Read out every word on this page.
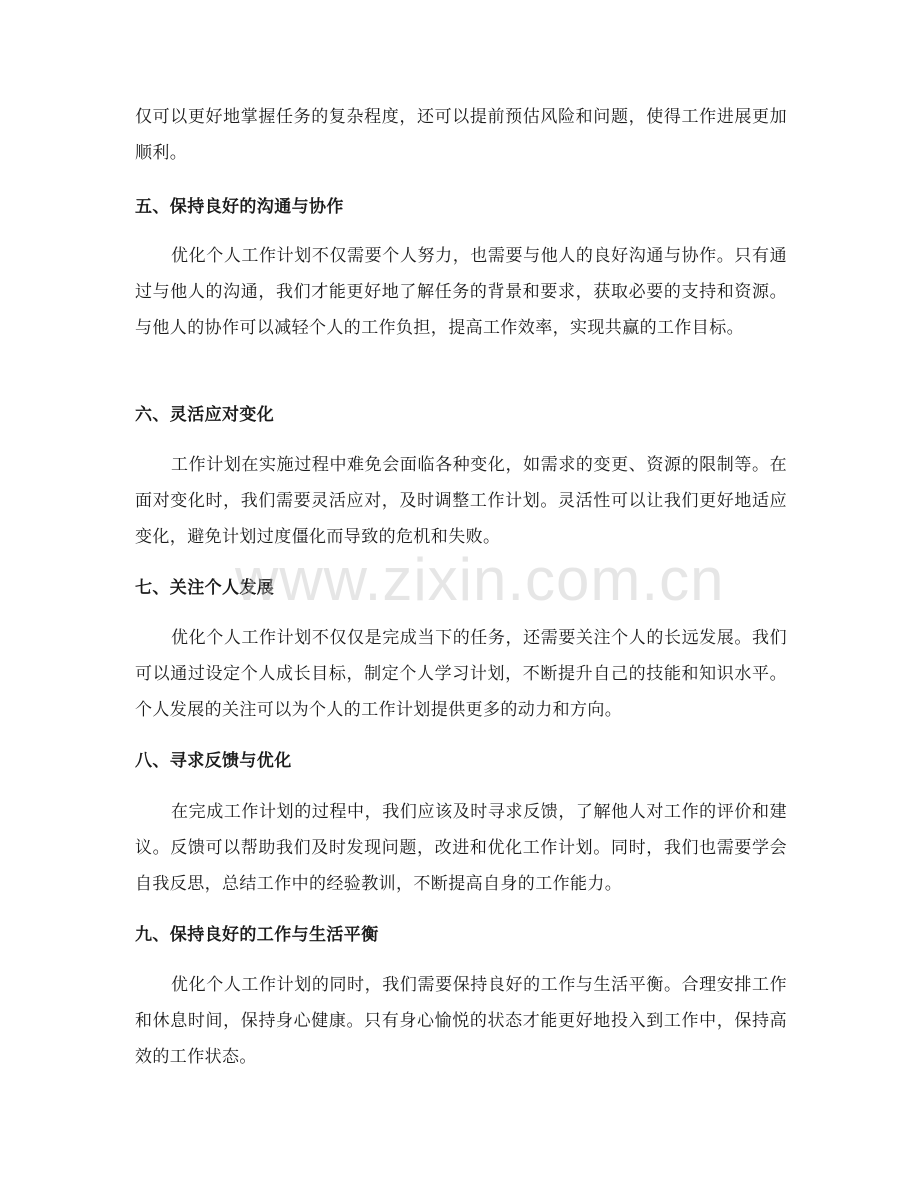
仅可以更好地掌握任务的复杂程度，还可以提前预估风险和问题，使得工作进展更加顺利。

五、保持良好的沟通与协作

优化个人工作计划不仅需要个人努力，也需要与他人的良好沟通与协作。只有通过与他人的沟通，我们才能更好地了解任务的背景和要求，获取必要的支持和资源。与他人的协作可以减轻个人的工作负担，提高工作效率，实现共赢的工作目标。

六、灵活应对变化

工作计划在实施过程中难免会面临各种变化，如需求的变更、资源的限制等。在面对变化时，我们需要灵活应对，及时调整工作计划。灵活性可以让我们更好地适应变化，避免计划过度僵化而导致的危机和失败。

七、关注个人发展

优化个人工作计划不仅仅是完成当下的任务，还需要关注个人的长远发展。我们可以通过设定个人成长目标，制定个人学习计划，不断提升自己的技能和知识水平。个人发展的关注可以为个人的工作计划提供更多的动力和方向。

八、寻求反馈与优化

在完成工作计划的过程中，我们应该及时寻求反馈，了解他人对工作的评价和建议。反馈可以帮助我们及时发现问题，改进和优化工作计划。同时，我们也需要学会自我反思，总结工作中的经验教训，不断提高自身的工作能力。

九、保持良好的工作与生活平衡

优化个人工作计划的同时，我们需要保持良好的工作与生活平衡。合理安排工作和休息时间，保持身心健康。只有身心愉悦的状态才能更好地投入到工作中，保持高效的工作状态。

www.zixin.com.cn
